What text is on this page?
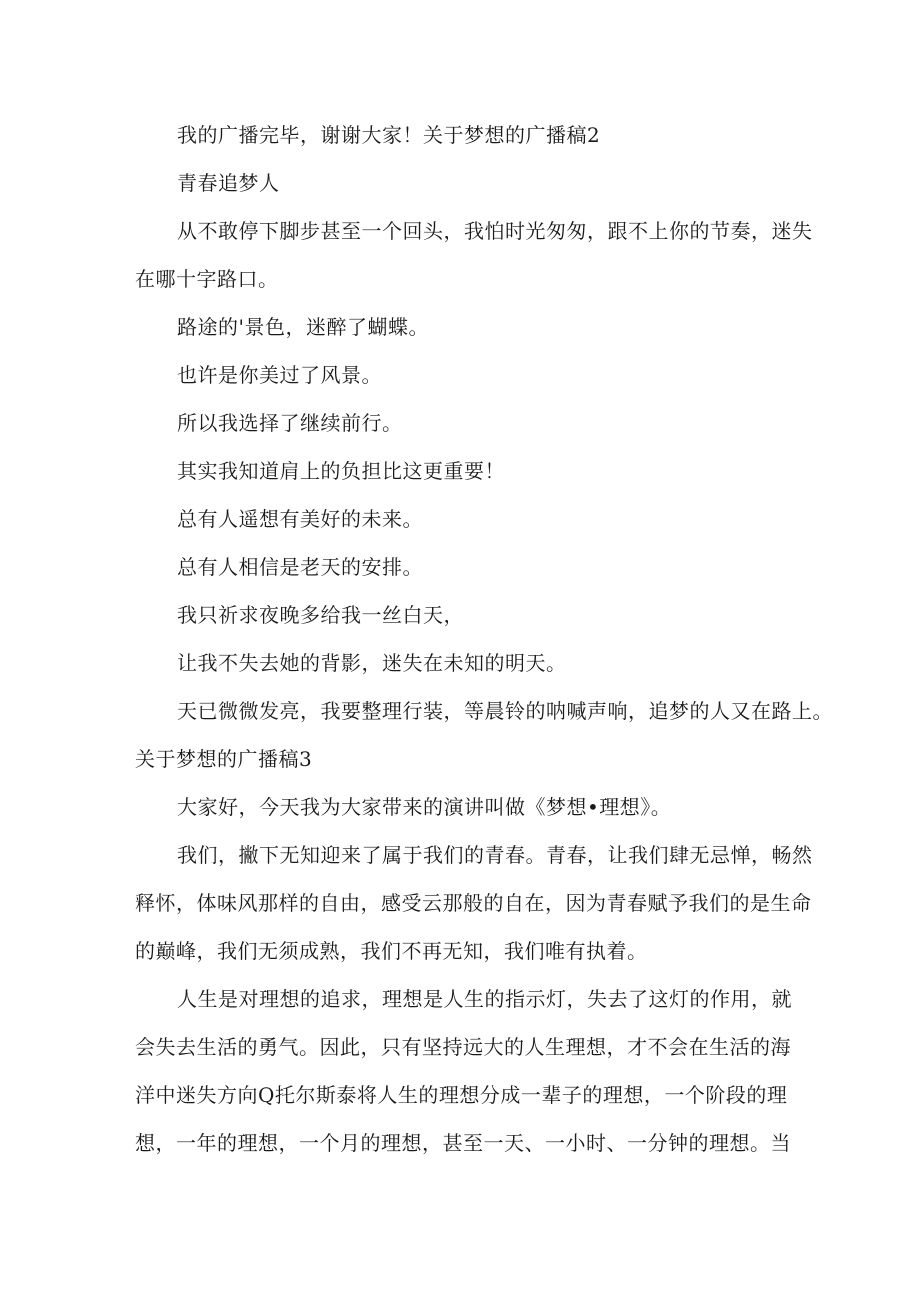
我的广播完毕，谢谢大家！关于梦想的广播稿2
青春追梦人
从不敢停下脚步甚至一个回头，我怕时光匆匆，跟不上你的节奏，迷失
在哪十字路口。
路途的'景色，迷醉了蝴蝶。
也许是你美过了风景。
所以我选择了继续前行。
其实我知道肩上的负担比这更重要！
总有人遥想有美好的未来。
总有人相信是老天的安排。
我只祈求夜晚多给我一丝白天，
让我不失去她的背影，迷失在未知的明天。
天已微微发亮，我要整理行装，等晨铃的呐喊声响，追梦的人又在路上。
关于梦想的广播稿3
大家好，今天我为大家带来的演讲叫做《梦想•理想》。
我们，撇下无知迎来了属于我们的青春。青春，让我们肆无忌惮，畅然
释怀，体味风那样的自由，感受云那般的自在，因为青春赋予我们的是生命
的巅峰，我们无须成熟，我们不再无知，我们唯有执着。
人生是对理想的追求，理想是人生的指示灯，失去了这灯的作用，就
会失去生活的勇气。因此，只有坚持远大的人生理想，才不会在生活的海
洋中迷失方向Q托尔斯泰将人生的理想分成一辈子的理想，一个阶段的理
想，一年的理想，一个月的理想，甚至一天、一小时、一分钟的理想。当
